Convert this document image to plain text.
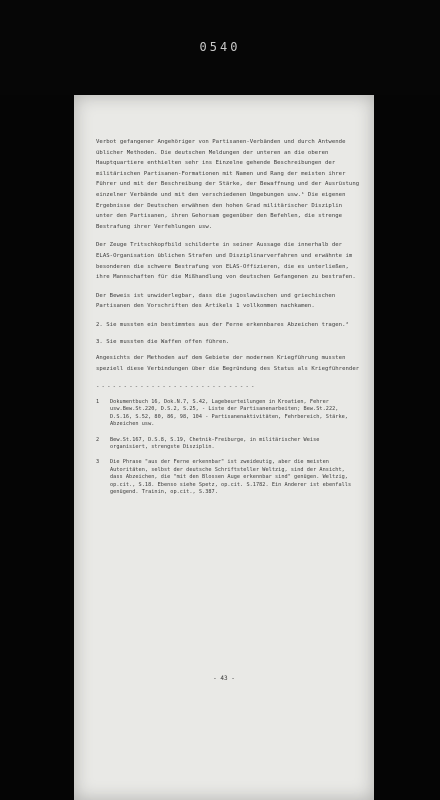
0540

Verbot gefangener Angehöriger von Partisanen-Verbänden und durch Antwende üblicher Methoden. Die deutschen Meldungen der unteren an die oberen Hauptquartiere enthielten sehr ins Einzelne gehende Beschreibungen der militärischen Partisanen-Formationen mit Namen und Rang der meisten ihrer Führer und mit der Beschreibung der Stärke, der Bewaffnung und der Ausrüstung einzelner Verbände und mit den verschiedenen Umgebungen usw.¹ Die eigenen Ergebnisse der Deutschen erwähnen den hohen Grad militärischer Disziplin unter den Partisanen, ihren Gehorsam gegenüber den Befehlen, die strenge Bestrafung ihrer Verfehlungen usw.

Der Zeuge Tritschkopfbild schilderte in seiner Aussage die innerhalb der ELAS-Organisation üblichen Strafen und Disziplinarverfahren und erwähnte im besonderen die schwere Bestrafung von ELAS-Offizieren, die es unterließen, ihre Mannschaften für die Mißhandlung von deutschen Gefangenen zu bestrafen.

Der Beweis ist unwiderlegbar, dass die jugoslawischen und griechischen Partisanen den Vorschriften des Artikels 1 vollkommen nachkamen.

2. Sie mussten ein bestimmtes aus der Ferne erkennbares Abzeichen tragen.²

3. Sie mussten die Waffen offen führen.

Angesichts der Methoden auf dem Gebiete der modernen Kriegführung mussten speziell diese Verbindungen über die Begründung des Status als Kriegführender

- - - - - - - - - - - - - - - - - - - - - - - - - - - - -
1	Dokumentbuch 16, Dok.N.7, S.42, Lagebeurteilungen in Kroatien, Fehrer usw.Bew.St.220, D.S.2, S.25, - Liste der Partisanenarbeiten; Bew.St.222, D.S.16, S.52, 80, 86, 98, 104 - Partisanenaktivitäten, Fehrbereich, Stärke, Abzeichen usw.
2	Bew.St.167, D.S.8, S.19, Chetnik-Freiburge, in militärischer Weise organisiert, strengste Disziplin.
3	Die Phrase "aus der Ferne erkennbar" ist zweideutig, aber die meisten Autoritäten, selbst der deutsche Schriftsteller Weltzig, sind der Ansicht, dass Abzeichen, die "mit den Blossen Auge erkennbar sind" genügen. Weltzig, op.cit., S.18. Ebenso siehe Spetz, op.cit. S.1782. Ein Anderer ist ebenfalls genügend. Trainin, op.cit., S.387.
- 43 -
